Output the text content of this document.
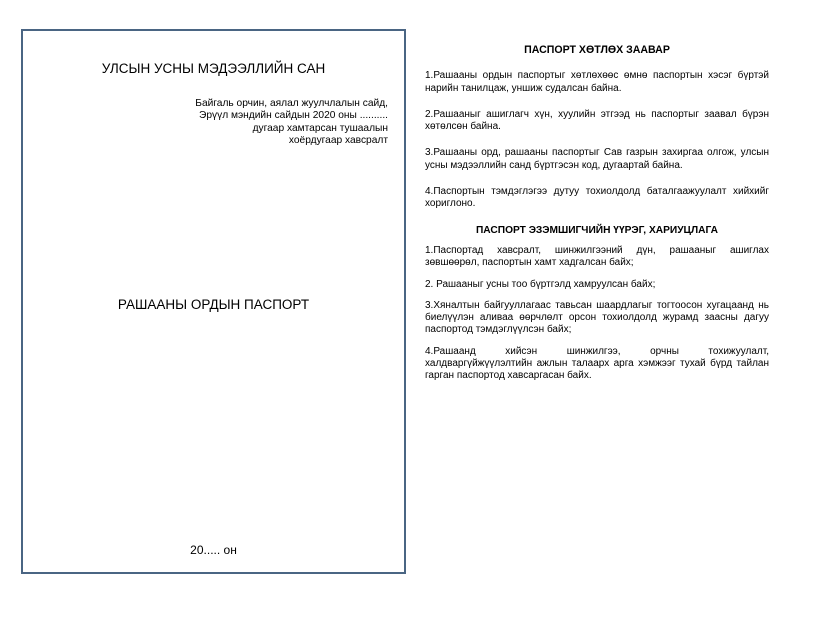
УЛСЫН УСНЫ МЭДЭЭЛЛИЙН САН
Байгаль орчин, аялал жуулчлалын сайд,
Эрүүл мэндийн сайдын 2020 оны ..........
дугаар хамтарсан тушаалын
хоёрдугаар хавсралт
РАШААНЫ ОРДЫН ПАСПОРТ
20..... он
ПАСПОРТ ХӨТЛӨХ ЗААВАР

1.Рашааны ордын паспортыг хөтлөхөөс өмнө паспортын хэсэг бүртэй нарийн танилцаж, уншиж судалсан байна.

2.Рашааныг ашиглагч хүн, хуулийн этгээд нь паспортыг заавал бүрэн хөтөлсөн байна.

3.Рашааны орд, рашааны паспортыг Сав газрын захиргаа олгож, улсын усны мэдээллийн санд бүртгэсэн код, дугаартай байна.

4.Паспортын тэмдэглэгээ дутуу тохиолдолд баталгаажуулалт хийхийг хориглоно.

ПАСПОРТ ЭЗЭМШИГЧИЙН ҮҮРЭГ, ХАРИУЦЛАГА

1.Паспортад хавсралт, шинжилгээний дүн, рашааныг ашиглах зөвшөөрөл, паспортын хамт хадгалсан байх;

2. Рашааныг усны тоо бүртгэлд хамруулсан байх;

3.Хяналтын байгууллагаас тавьсан шаардлагыг тогтоосон хугацаанд нь биелүүлэн аливаа өөрчлөлт орсон тохиолдолд журамд заасны дагуу паспортод тэмдэглүүлсэн байх;

4.Рашаанд хийсэн шинжилгээ, орчны тохижуулалт, халдваргүйжүүлэлтийн ажлын талаарх арга хэмжээг тухай бүрд тайлан гарган паспортод хавсаргасан байх.
